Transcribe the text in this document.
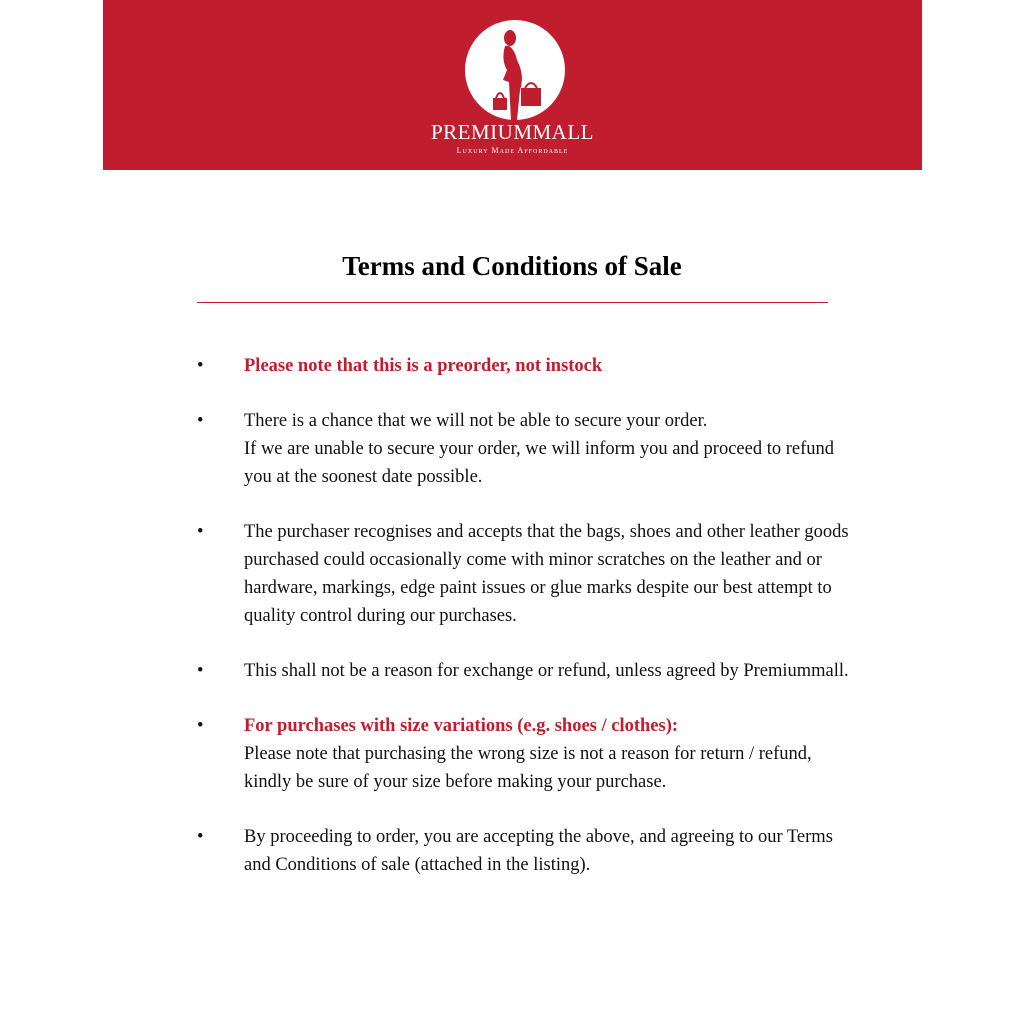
PREMIUMMALL
Luxury Made Affordable
Terms and Conditions of Sale
• Please note that this is a preorder, not instock
• There is a chance that we will not be able to secure your order.
If we are unable to secure your order, we will inform you and proceed to refund you at the soonest date possible.
• The purchaser recognises and accepts that the bags, shoes and other leather goods purchased could occasionally come with minor scratches on the leather and or hardware, markings, edge paint issues or glue marks despite our best attempt to quality control during our purchases.
• This shall not be a reason for exchange or refund, unless agreed by Premiummall.
• For purchases with size variations (e.g. shoes / clothes):
Please note that purchasing the wrong size is not a reason for return / refund, kindly be sure of your size before making your purchase.
• By proceeding to order, you are accepting the above, and agreeing to our Terms and Conditions of sale (attached in the listing).
